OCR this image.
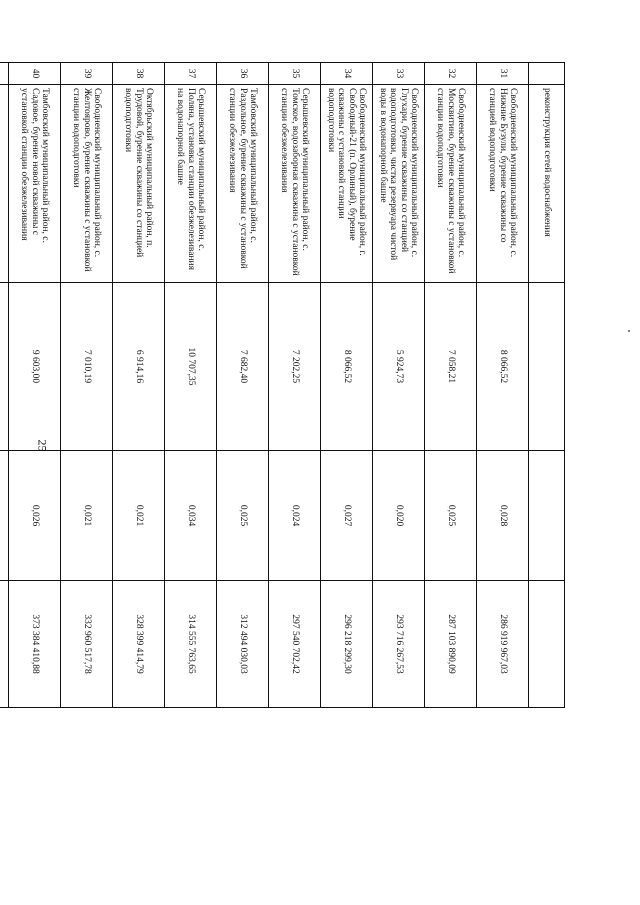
25
	реконструкция сетей водоснабжения			
31	Свободненский муниципальный район, с. Нижние Бузули, бурение скважины со станцией водоподготовки	8 066,52	0,028	286 919 967,03
32	Свободненский муниципальный район, с. Москвитино, бурение скважины с установкой станции водоподготовки	7 058,21	0,025	287 103 890,09
33	Свободненский муниципальный район, с. Глухари, бурение скважины со станцией водоподготовки, чистка резервуара чистой воды в водонапорной башне	5 924,73	0,020	293 716 267,53
34	Свободненский муниципальный район, г. Свободный-21 (п. Орлиный), бурение скважины с установкой станции водоподготовки	8 066,52	0,027	296 218 299,30
35	Серышевский муниципальный район, с. Томское, водозаборная скважина с установкой станции обезжелезивания	7 202,25	0,024	297 540 702,42
36	Тамбовский муниципальный район, с. Раздольное, бурение скважины с установкой станции обезжелезивания	7 682,40	0,025	312 494 030,03
37	Серышевский муниципальный район, с. Поляна, установка станции обезжелезивания на водонапорной башне	10 707,35	0,034	314 555 763,65
38	Октябрьский муниципальный район, п. Трудовой, бурение скважины со станцией водоподготовки	6 914,16	0,021	328 399 414,79
39	Свободненский муниципальный район, с. Желтоярово, бурение скважины с установкой станции водоподготовки	7 010,19	0,021	332 960 517,78
40	Тамбовский муниципальный район, с. Садовое, бурение новой скважины с установкой станции обезжелезивания	9 603,00	0,026	373 384 410,88
